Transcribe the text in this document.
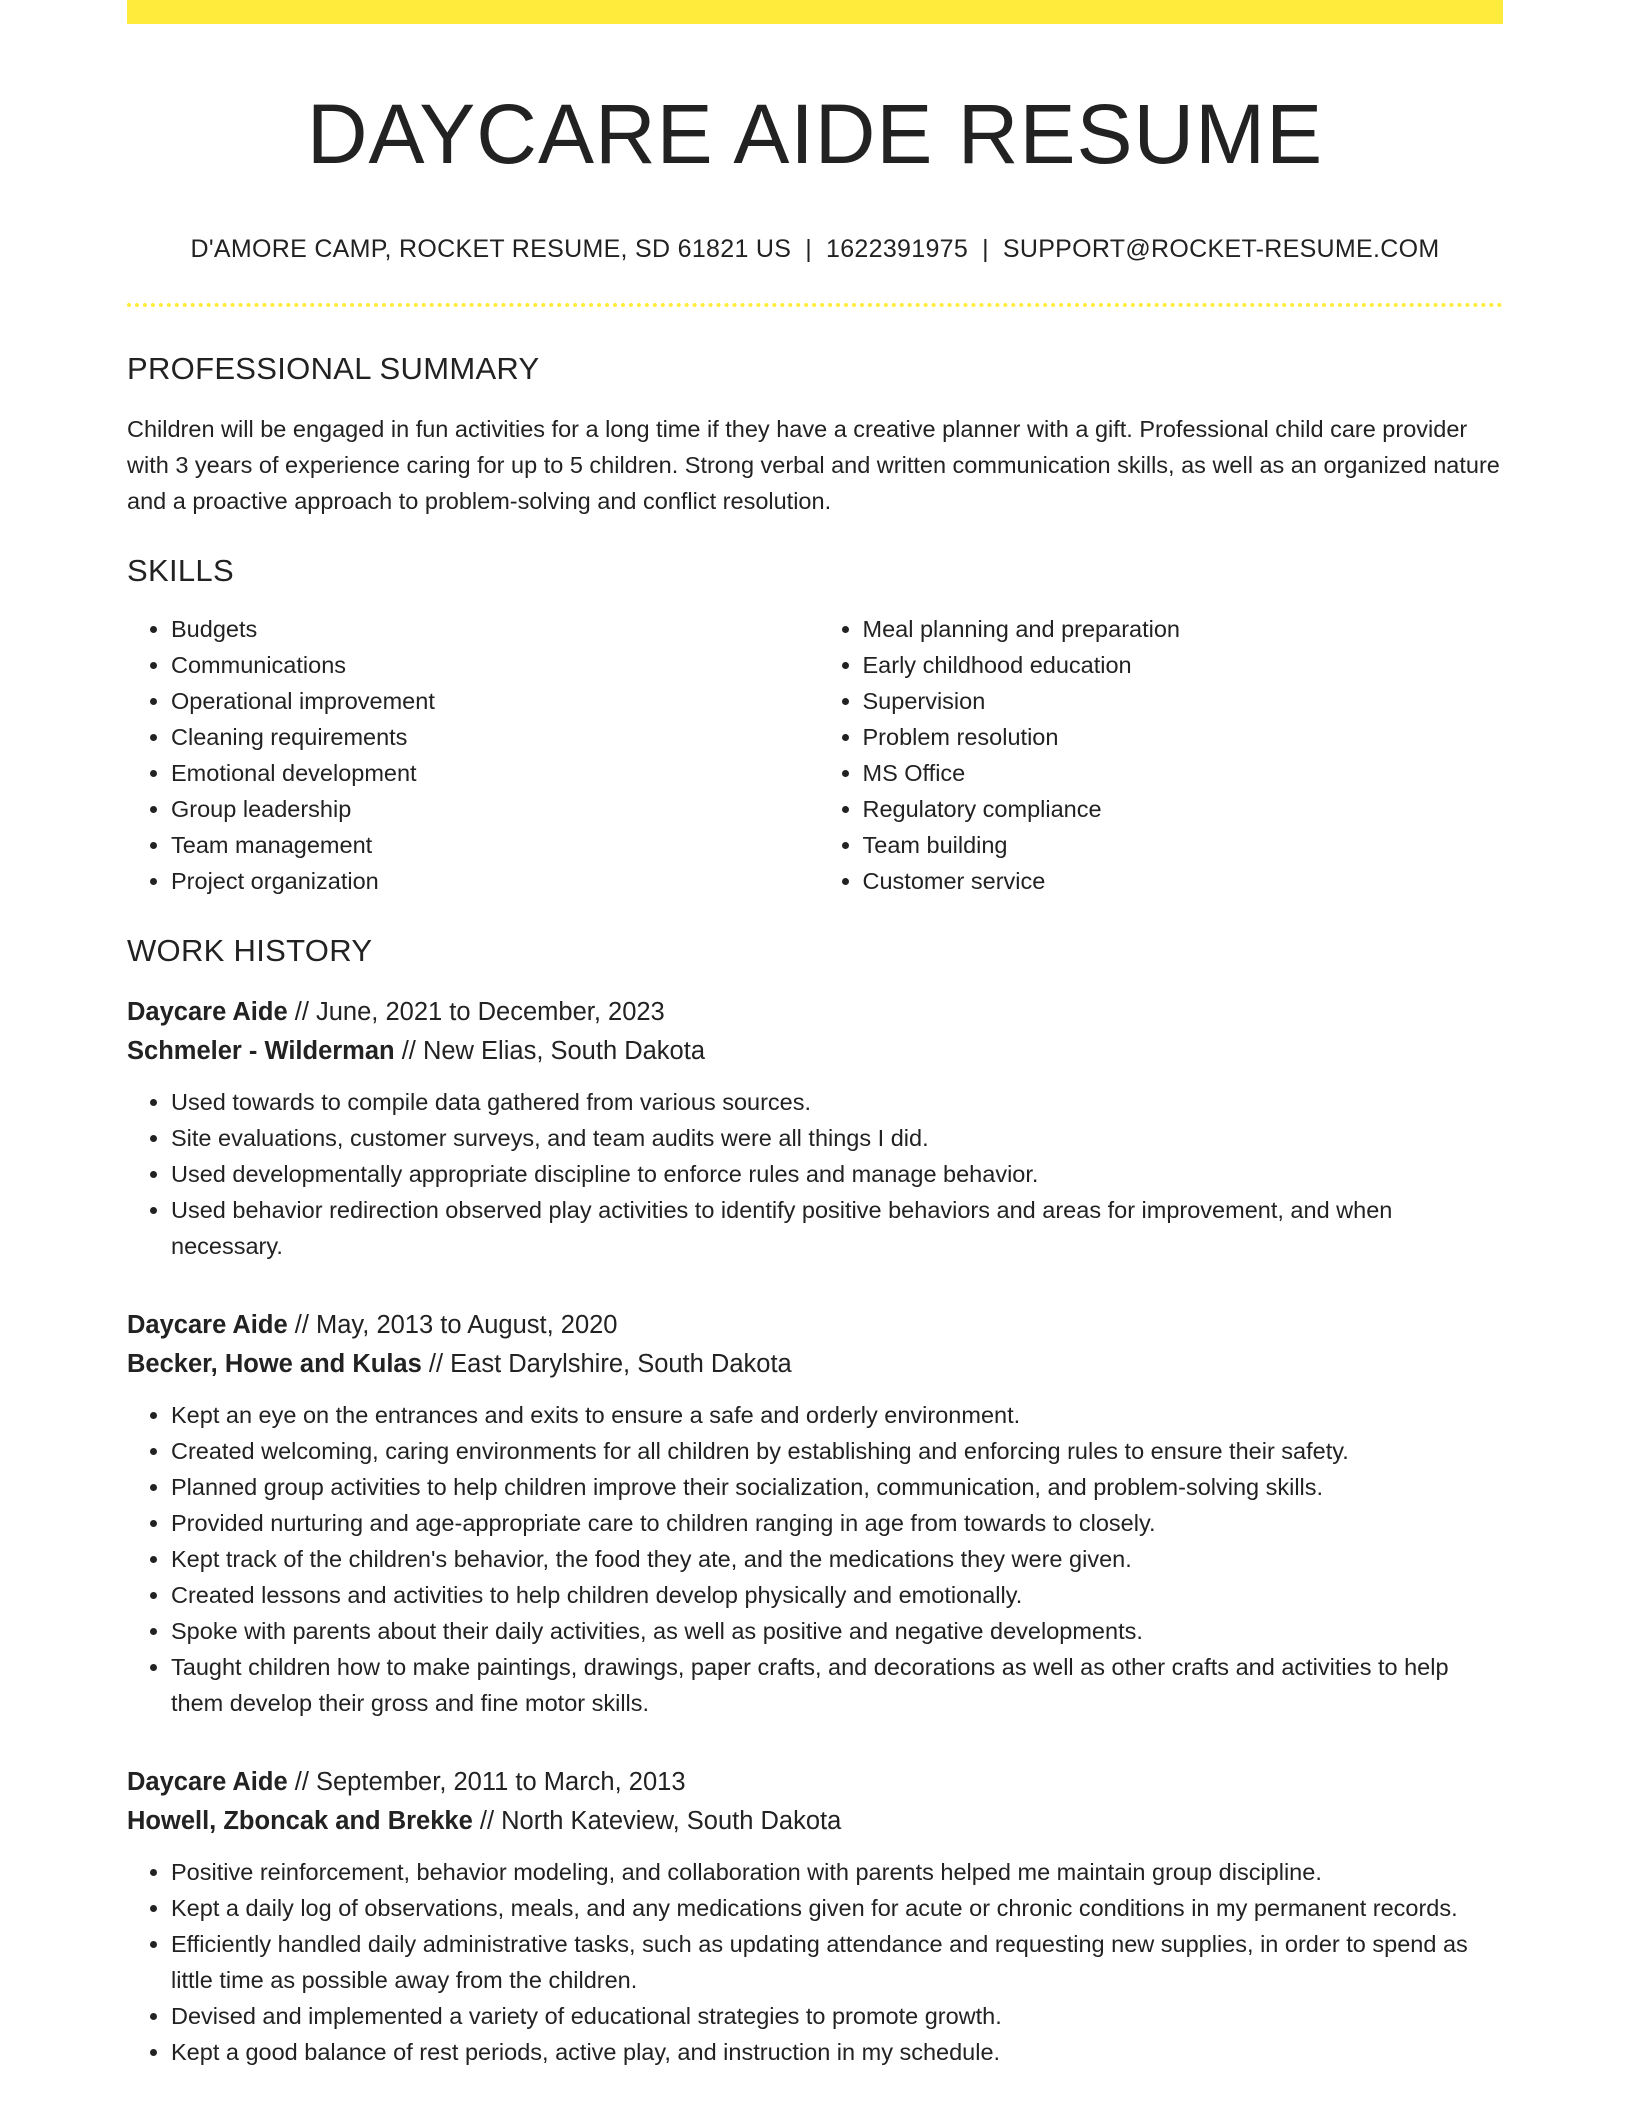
DAYCARE AIDE RESUME
D'AMORE CAMP, ROCKET RESUME, SD 61821 US | 1622391975 | SUPPORT@ROCKET-RESUME.COM
PROFESSIONAL SUMMARY

Children will be engaged in fun activities for a long time if they have a creative planner with a gift. Professional child care provider with 3 years of experience caring for up to 5 children. Strong verbal and written communication skills, as well as an organized nature and a proactive approach to problem-solving and conflict resolution.

SKILLS
• Budgets
• Communications
• Operational improvement
• Cleaning requirements
• Emotional development
• Group leadership
• Team management
• Project organization
• Meal planning and preparation
• Early childhood education
• Supervision
• Problem resolution
• MS Office
• Regulatory compliance
• Team building
• Customer service
WORK HISTORY
Daycare Aide // June, 2021 to December, 2023
Schmeler - Wilderman // New Elias, South Dakota
• Used towards to compile data gathered from various sources.
• Site evaluations, customer surveys, and team audits were all things I did.
• Used developmentally appropriate discipline to enforce rules and manage behavior.
• Used behavior redirection observed play activities to identify positive behaviors and areas for improvement, and when necessary.
Daycare Aide // May, 2013 to August, 2020
Becker, Howe and Kulas // East Darylshire, South Dakota
• Kept an eye on the entrances and exits to ensure a safe and orderly environment.
• Created welcoming, caring environments for all children by establishing and enforcing rules to ensure their safety.
• Planned group activities to help children improve their socialization, communication, and problem-solving skills.
• Provided nurturing and age-appropriate care to children ranging in age from towards to closely.
• Kept track of the children's behavior, the food they ate, and the medications they were given.
• Created lessons and activities to help children develop physically and emotionally.
• Spoke with parents about their daily activities, as well as positive and negative developments.
• Taught children how to make paintings, drawings, paper crafts, and decorations as well as other crafts and activities to help them develop their gross and fine motor skills.
Daycare Aide // September, 2011 to March, 2013
Howell, Zboncak and Brekke // North Kateview, South Dakota
• Positive reinforcement, behavior modeling, and collaboration with parents helped me maintain group discipline.
• Kept a daily log of observations, meals, and any medications given for acute or chronic conditions in my permanent records.
• Efficiently handled daily administrative tasks, such as updating attendance and requesting new supplies, in order to spend as little time as possible away from the children.
• Devised and implemented a variety of educational strategies to promote growth.
• Kept a good balance of rest periods, active play, and instruction in my schedule.
